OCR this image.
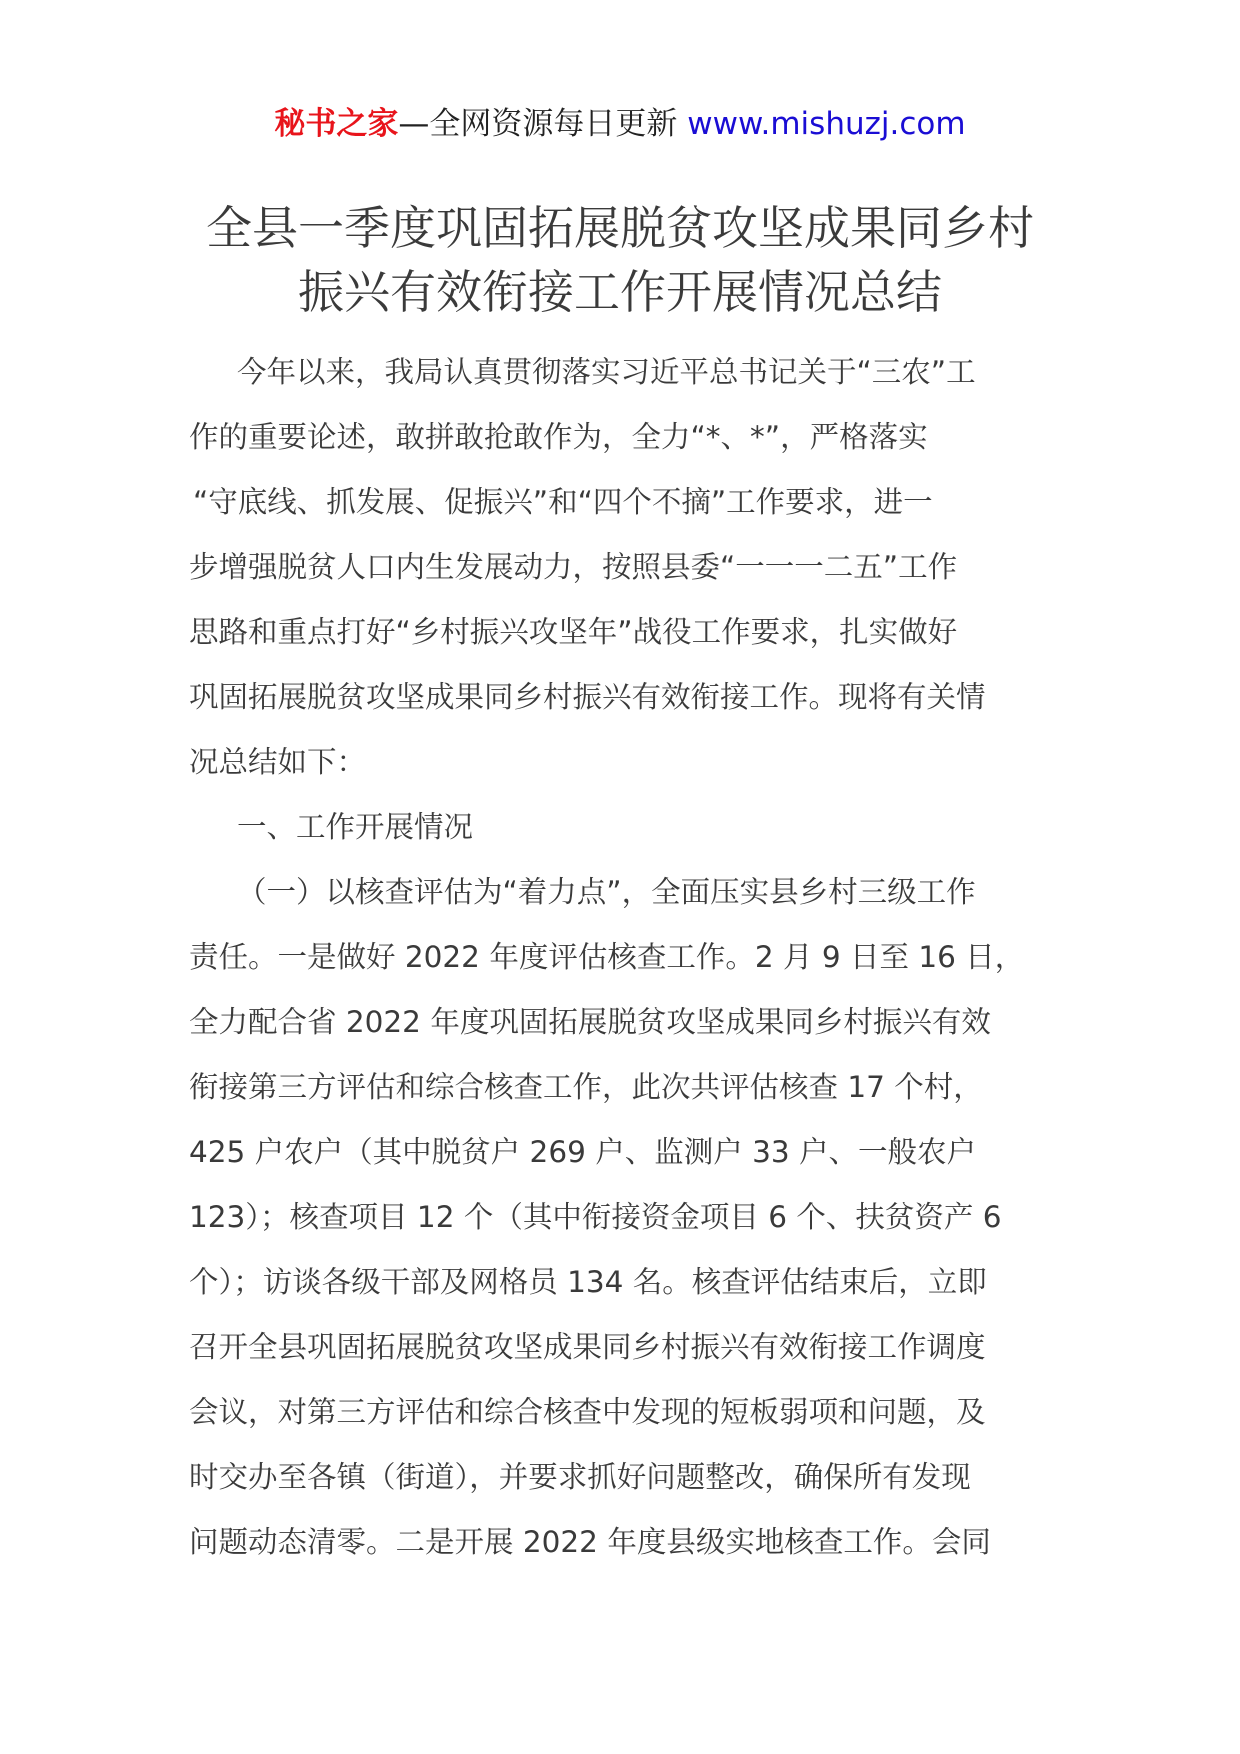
秘书之家—全网资源每日更新 www.mishuzj.com
全县一季度巩固拓展脱贫攻坚成果同乡村
振兴有效衔接工作开展情况总结
今年以来，我局认真贯彻落实习近平总书记关于“三农”工
作的重要论述，敢拼敢抢敢作为，全力“*、*”，严格落实
“守底线、抓发展、促振兴”和“四个不摘”工作要求，进一
步增强脱贫人口内生发展动力，按照县委“一一一二五”工作
思路和重点打好“乡村振兴攻坚年”战役工作要求，扎实做好
巩固拓展脱贫攻坚成果同乡村振兴有效衔接工作。现将有关情
况总结如下：
一、工作开展情况
（一）以核查评估为“着力点”，全面压实县乡村三级工作
责任。一是做好 2022 年度评估核查工作。2 月 9 日至 16 日，
全力配合省 2022 年度巩固拓展脱贫攻坚成果同乡村振兴有效
衔接第三方评估和综合核查工作，此次共评估核查 17 个村，
425 户农户（其中脱贫户 269 户、监测户 33 户、一般农户
123）；核查项目 12 个（其中衔接资金项目 6 个、扶贫资产 6
个）；访谈各级干部及网格员 134 名。核查评估结束后，立即
召开全县巩固拓展脱贫攻坚成果同乡村振兴有效衔接工作调度
会议，对第三方评估和综合核查中发现的短板弱项和问题，及
时交办至各镇（街道），并要求抓好问题整改，确保所有发现
问题动态清零。二是开展 2022 年度县级实地核查工作。会同
